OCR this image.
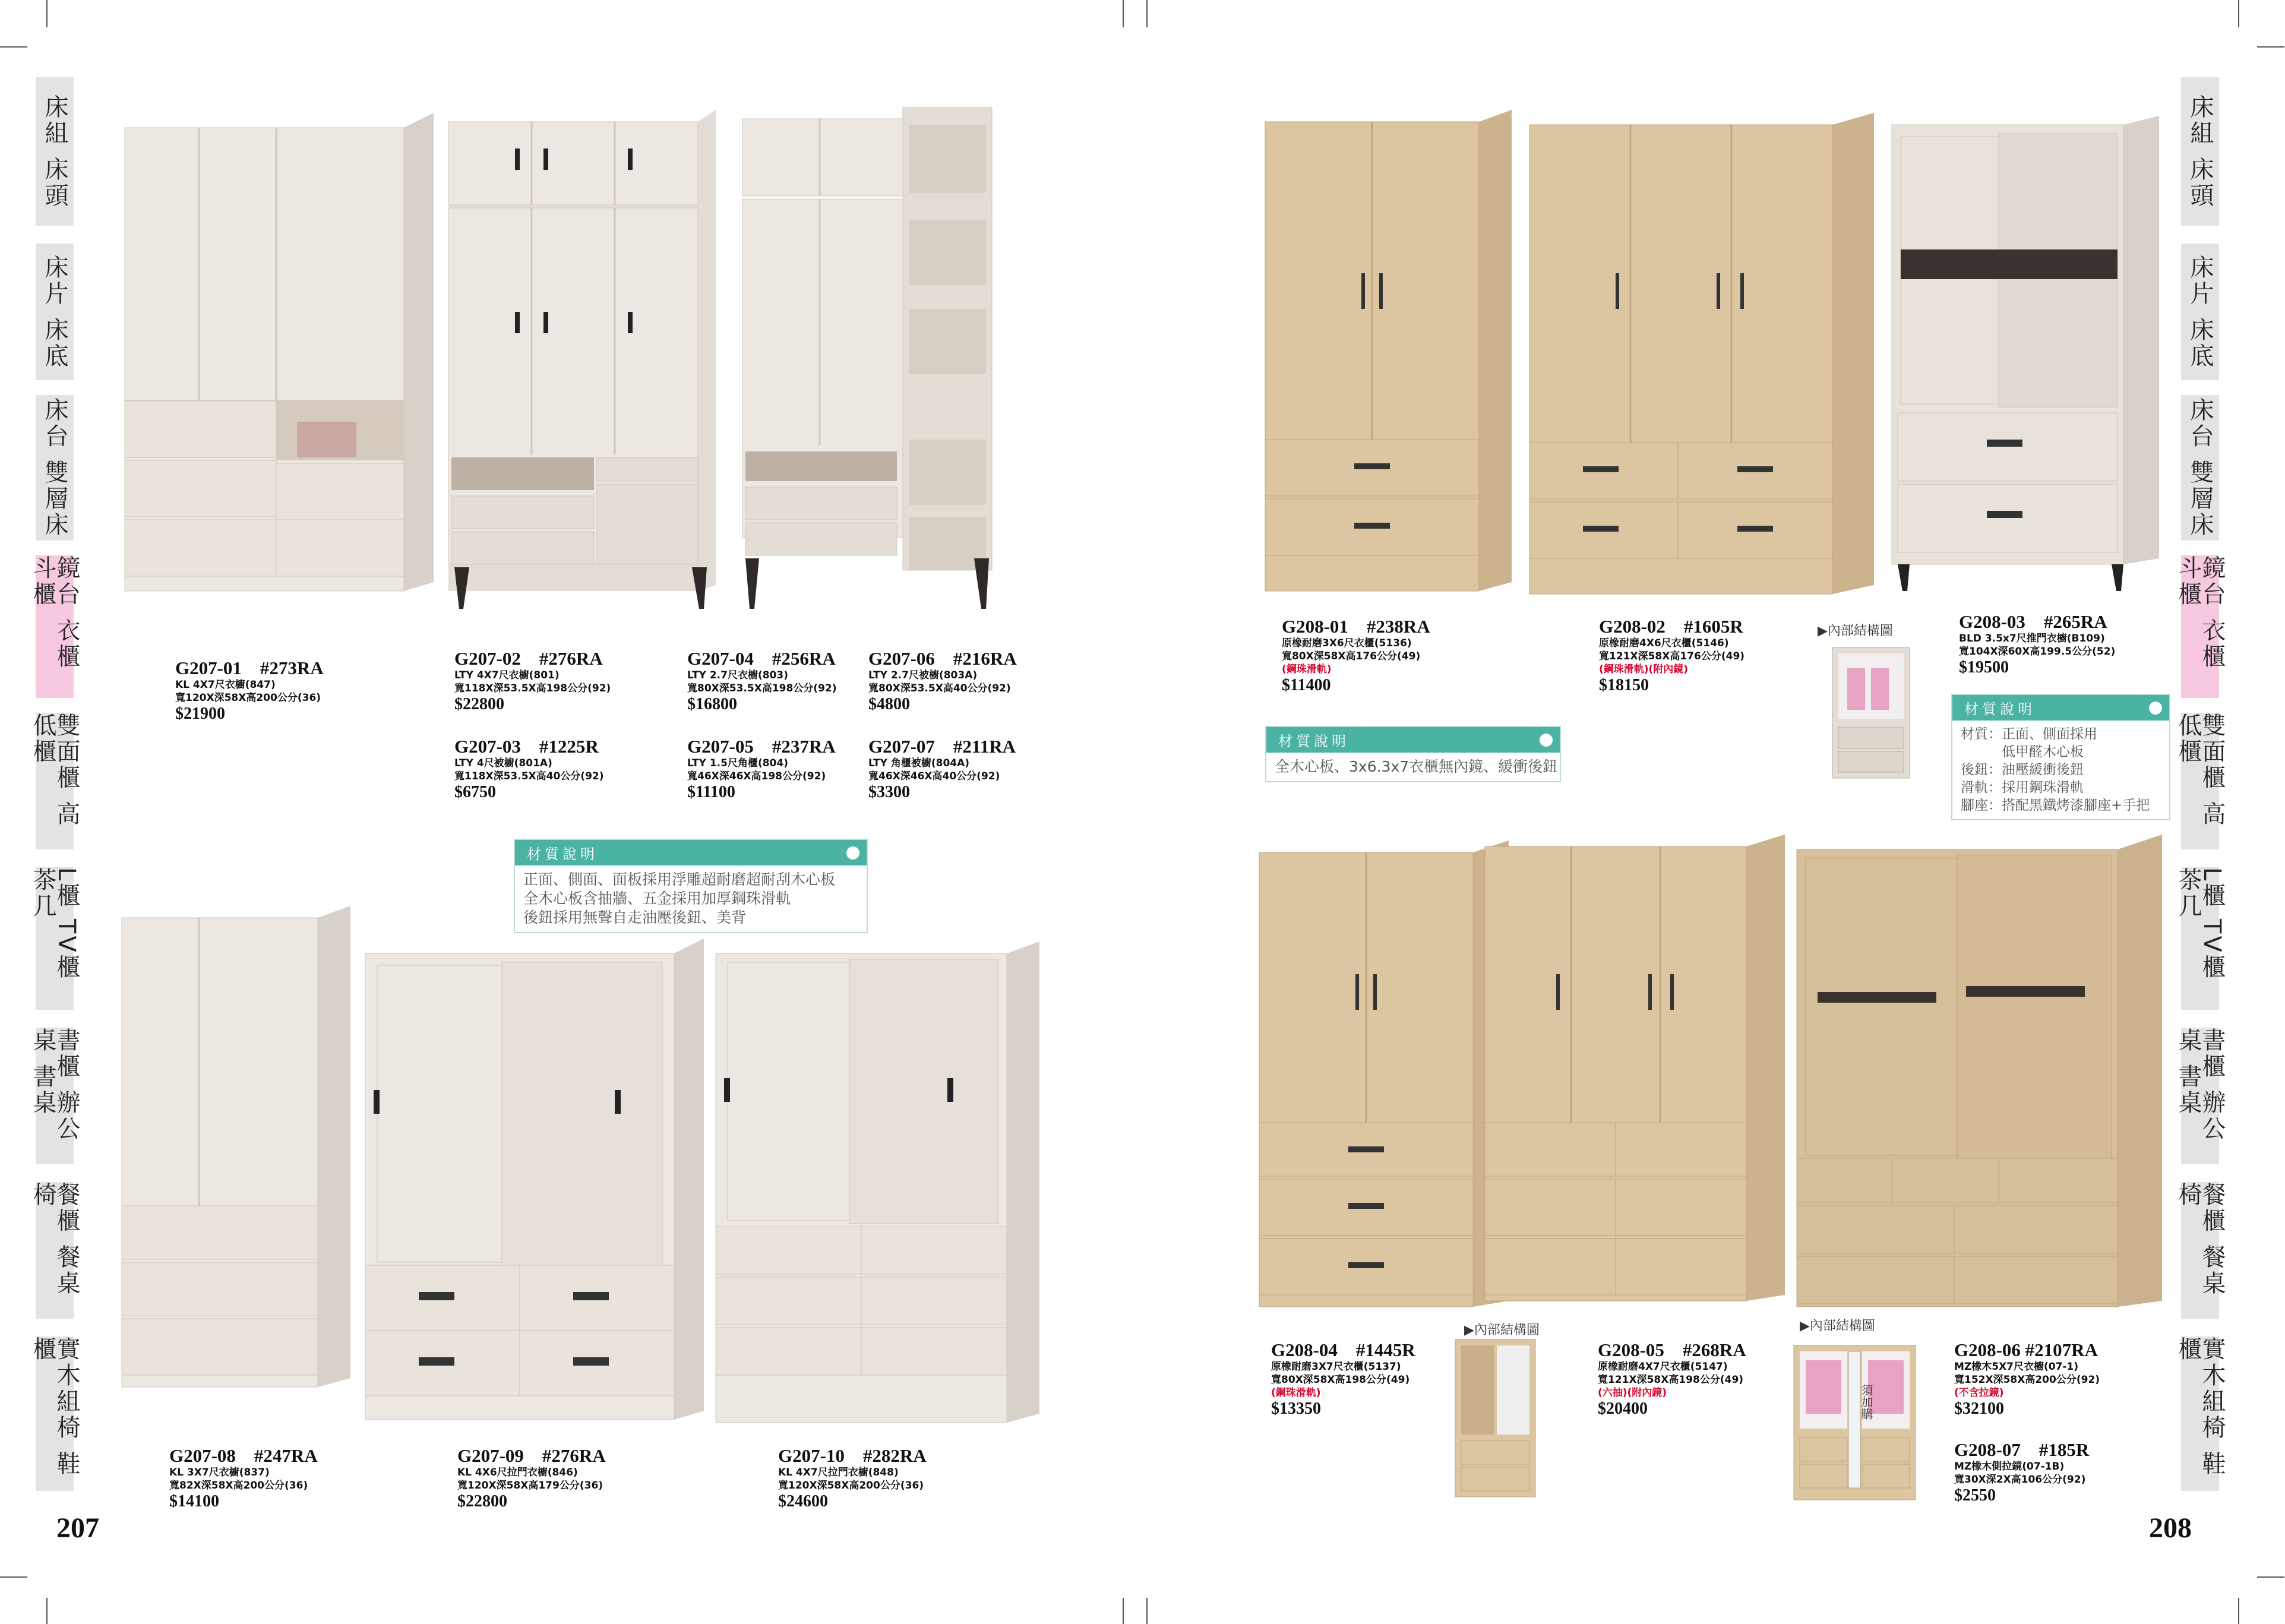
床組 床頭
床片 床底
床台 雙層床
鏡台 衣櫃 斗櫃
雙面櫃 高低櫃
L櫃 TV櫃 茶几
書櫃 辦公桌 書桌
餐櫃 餐桌椅
實木組椅 鞋櫃
床組 床頭
床片 床底
床台 雙層床
鏡台 衣櫃 斗櫃
雙面櫃 高低櫃
L櫃 TV櫃 茶几
書櫃 辦公桌 書桌
餐櫃 餐桌椅
實木組椅 鞋櫃
▶內部結構圖
▶內部結構圖	▶內部結構圖
須加購
G207-01　#273RA
KL 4X7尺衣櫥(847)
寬120X深58X高200公分(36)
$21900
G207-02　#276RA
LTY 4X7尺衣櫥(801)
寬118X深53.5X高198公分(92)
$22800
G207-03　#1225R
LTY 4尺被櫥(801A)
寬118X深53.5X高40公分(92)
$6750
G207-04　#256RA
LTY 2.7尺衣櫥(803)
寬80X深53.5X高198公分(92)
$16800
G207-05　#237RA
LTY 1.5尺角櫃(804)
寬46X深46X高198公分(92)
$11100
G207-06　#216RA
LTY 2.7尺被櫥(803A)
寬80X深53.5X高40公分(92)
$4800
G207-07　#211RA
LTY 角櫃被櫥(804A)
寬46X深46X高40公分(92)
$3300
G207-08　#247RA
KL 3X7尺衣櫥(837)
寬82X深58X高200公分(36)
$14100
G207-09　#276RA
KL 4X6尺拉門衣櫥(846)
寬120X深58X高179公分(36)
$22800
G207-10　#282RA
KL 4X7尺拉門衣櫥(848)
寬120X深58X高200公分(36)
$24600
G208-01　#238RA
原橡耐磨3X6尺衣櫃(5136)
寬80X深58X高176公分(49)
(鋼珠滑軌)
$11400
G208-02　#1605R
原橡耐磨4X6尺衣櫃(5146)
寬121X深58X高176公分(49)
(鋼珠滑軌)(附內鏡)
$18150
G208-03　#265RA
BLD 3.5x7尺推門衣櫥(B109)
寬104X深60X高199.5公分(52)
$19500
G208-04　#1445R
原橡耐磨3X7尺衣櫃(5137)
寬80X深58X高198公分(49)
(鋼珠滑軌)
$13350
G208-05　#268RA
原橡耐磨4X7尺衣櫃(5147)
寬121X深58X高198公分(49)
(六抽)(附內鏡)
$20400
G208-06 #2107RA
MZ橡木5X7尺衣櫥(07-1)
寬152X深58X高200公分(92)
(不含拉鏡)
$32100
G208-07　#185R
MZ橡木側拉鏡(07-1B)
寬30X深2X高106公分(92)
$2550
材質說明
正面、側面、面板採用浮雕超耐磨超耐刮木心板
全木心板含抽牆、五金採用加厚鋼珠滑軌
後鈕採用無聲自走油壓後鈕、美背
材質說明
全木心板、3x6.3x7衣櫃無內鏡、緩衝後鈕
材質說明
材質：正面、側面採用
　　　低甲醛木心板
後鈕：油壓緩衝後鈕
滑軌：採用鋼珠滑軌
腳座：搭配黑鐵烤漆腳座+手把
207	208
